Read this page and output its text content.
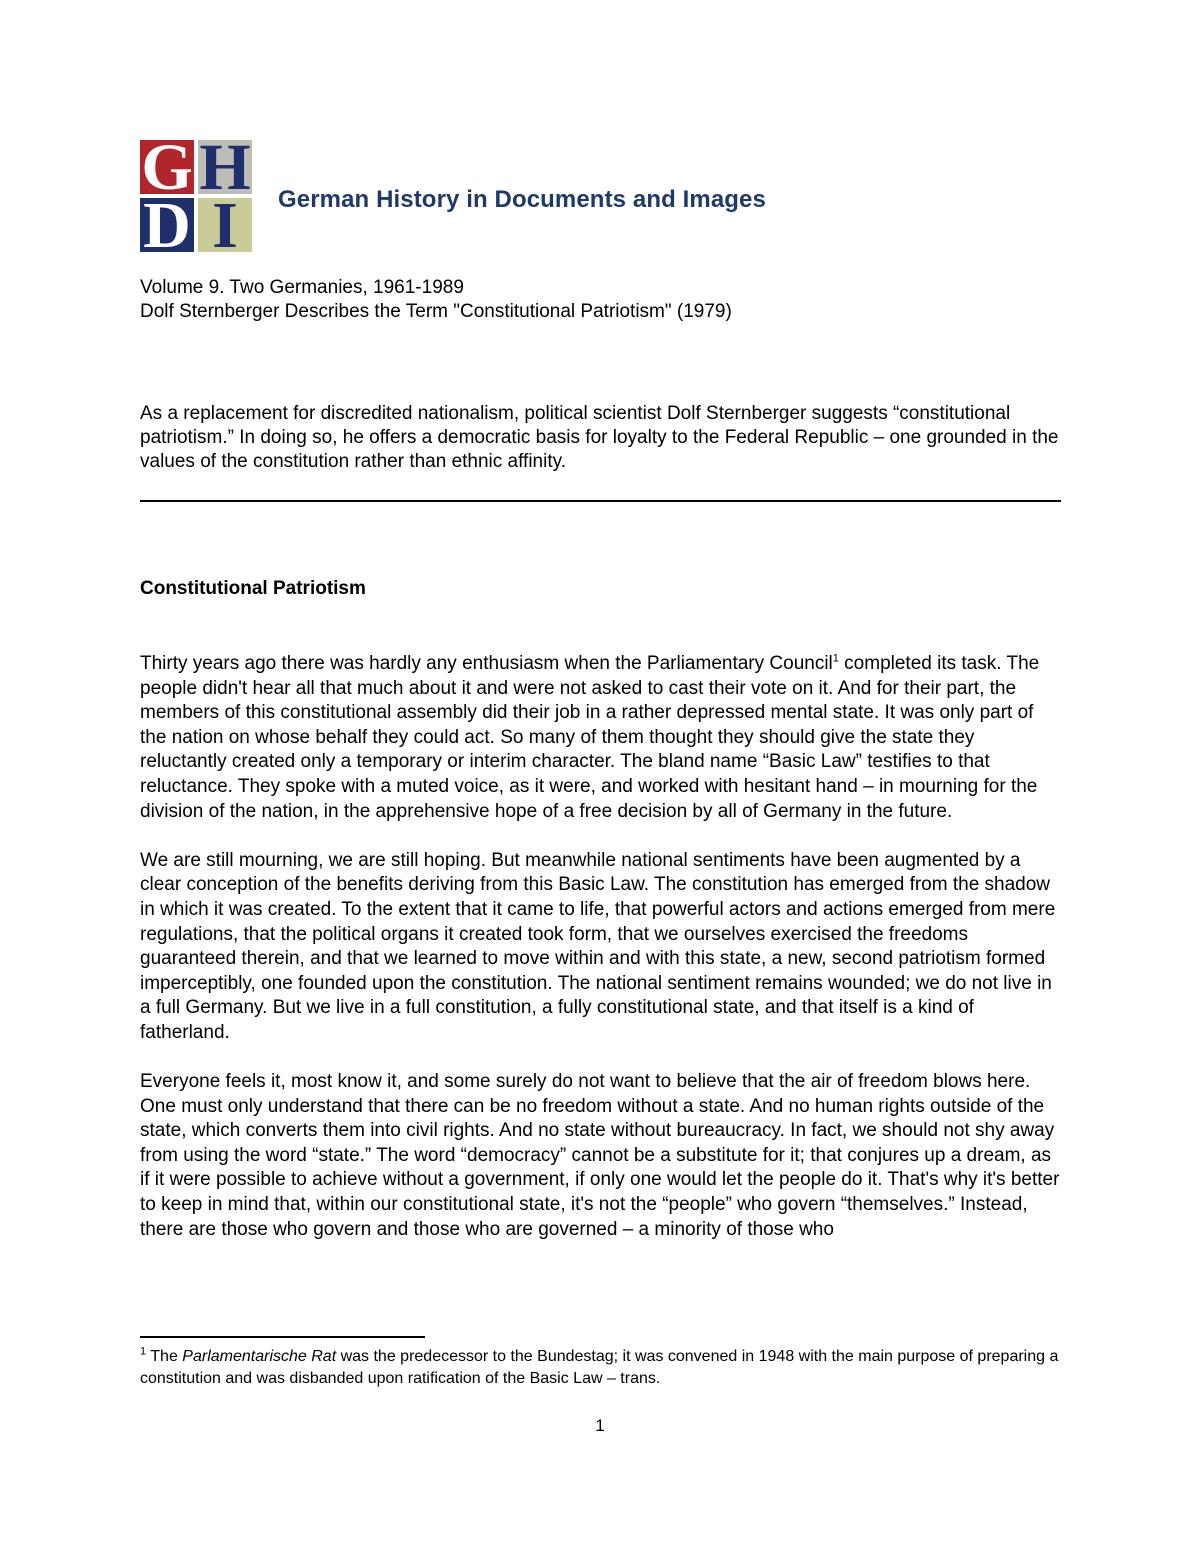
G H
D I	German History in Documents and Images
Volume 9. Two Germanies, 1961-1989
Dolf Sternberger Describes the Term "Constitutional Patriotism" (1979)
As a replacement for discredited nationalism, political scientist Dolf Sternberger suggests “constitutional patriotism.” In doing so, he offers a democratic basis for loyalty to the Federal Republic – one grounded in the values of the constitution rather than ethnic affinity.
Constitutional Patriotism

Thirty years ago there was hardly any enthusiasm when the Parliamentary Council$^1$ completed its task. The people didn't hear all that much about it and were not asked to cast their vote on it. And for their part, the members of this constitutional assembly did their job in a rather depressed mental state. It was only part of the nation on whose behalf they could act. So many of them thought they should give the state they reluctantly created only a temporary or interim character. The bland name “Basic Law” testifies to that reluctance. They spoke with a muted voice, as it were, and worked with hesitant hand – in mourning for the division of the nation, in the apprehensive hope of a free decision by all of Germany in the future.

We are still mourning, we are still hoping. But meanwhile national sentiments have been augmented by a clear conception of the benefits deriving from this Basic Law. The constitution has emerged from the shadow in which it was created. To the extent that it came to life, that powerful actors and actions emerged from mere regulations, that the political organs it created took form, that we ourselves exercised the freedoms guaranteed therein, and that we learned to move within and with this state, a new, second patriotism formed imperceptibly, one founded upon the constitution. The national sentiment remains wounded; we do not live in a full Germany. But we live in a full constitution, a fully constitutional state, and that itself is a kind of fatherland.

Everyone feels it, most know it, and some surely do not want to believe that the air of freedom blows here. One must only understand that there can be no freedom without a state. And no human rights outside of the state, which converts them into civil rights. And no state without bureaucracy. In fact, we should not shy away from using the word “state.” The word “democracy” cannot be a substitute for it; that conjures up a dream, as if it were possible to achieve without a government, if only one would let the people do it. That's why it's better to keep in mind that, within our constitutional state, it's not the “people” who govern “themselves.” Instead, there are those who govern and those who are governed – a minority of those who

$^1$ The Parlamentarische Rat was the predecessor to the Bundestag; it was convened in 1948 with the main purpose of preparing a constitution and was disbanded upon ratification of the Basic Law – trans.
1
